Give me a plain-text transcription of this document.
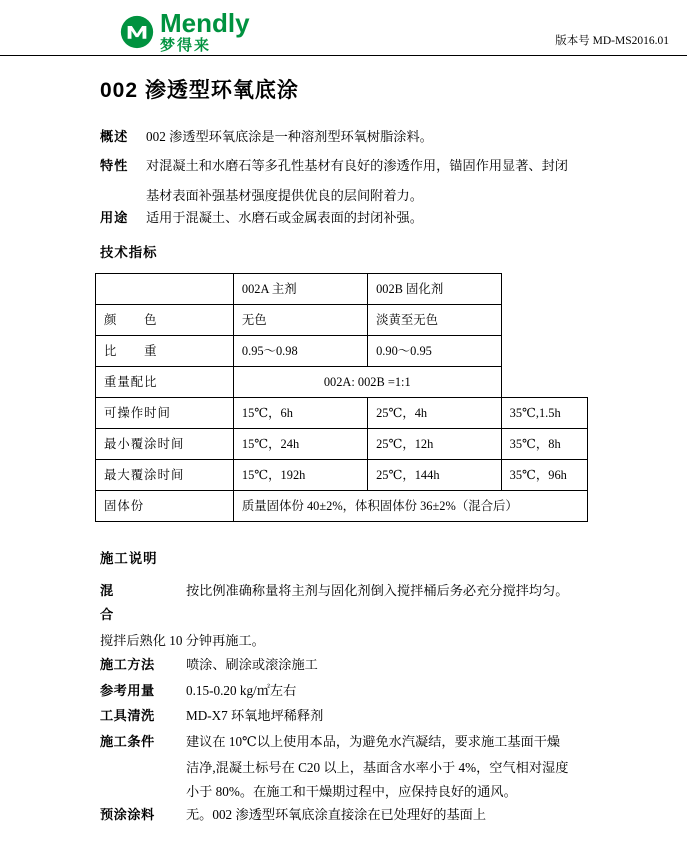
Mendly
梦得来	版本号 MD-MS2016.01
002 渗透型环氧底涂
概述	002 渗透型环氧底涂是一种溶剂型环氧树脂涂料。
特性	对混凝土和水磨石等多孔性基材有良好的渗透作用，锚固作用显著、封闭
基材表面补强基材强度提供优良的层间附着力。
用途	适用于混凝土、水磨石或金属表面的封闭补强。
技术指标
	002A 主剂	002B 固化剂	
颜　　色	无色	淡黄至无色	
比　　重	0.95～0.98	0.90～0.95	
重量配比	002A: 002B =1:1		
可操作时间	15℃，6h	25℃，4h	35℃,1.5h
最小覆涂时间	15℃，24h	25℃，12h	35℃，8h
最大覆涂时间	15℃，192h	25℃，144h	35℃，96h
固体份	质量固体份 40±2%，体积固体份 36±2%（混合后）		
施工说明
混　　合
按比例准确称量将主剂与固化剂倒入搅拌桶后务必充分搅拌均匀。
搅拌后熟化 10 分钟再施工。
施工方法	喷涂、刷涂或滚涂施工
参考用量	0.15-0.20 kg/㎡左右
工具清洗	MD-X7 环氧地坪稀释剂
施工条件	建议在 10℃以上使用本品，为避免水汽凝结，要求施工基面干燥
洁净,混凝土标号在 C20 以上，基面含水率小于 4%，空气相对湿度
小于 80%。在施工和干燥期过程中，应保持良好的通风。
预涂涂料	无。002 渗透型环氧底涂直接涂在已处理好的基面上
